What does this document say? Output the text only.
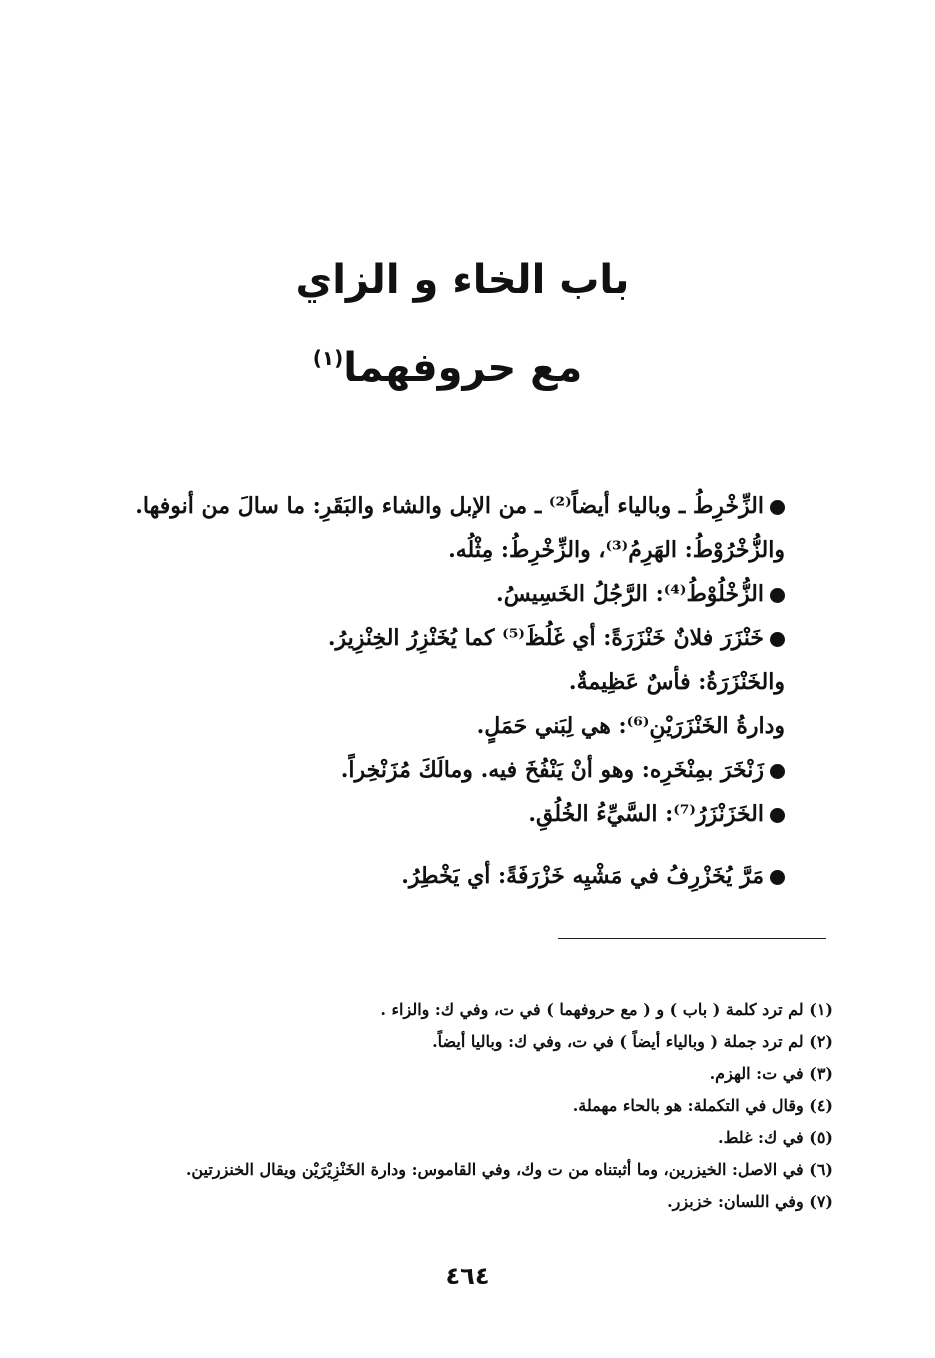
باب الخاء و الزاي
مع حروفهما$^{(١)}$

الزِّخْرِطُ ـ وبالياء أيضاً⁽²⁾ ـ من الإبل والشاء والبَقَرِ: ما سالَ من أنوفها.

والزُّخْرُوْطُ: الهَرِمُ⁽³⁾، والزِّخْرِطُ: مِثْلُه.

الزُّخْلُوْطُ⁽⁴⁾: الرَّجُلُ الخَسِيسُ.

خَنْزَرَ فلانٌ خَنْزَرَةً: أي غَلُظَ⁽⁵⁾ كما يُخَنْزِرُ الخِنْزِيرُ.

والخَنْزَرَةُ: فأسٌ عَظِيمةٌ.

ودارةُ الخَنْزَرَيْنِ⁽⁶⁾: هي لِبَني حَمَلٍ.

زَنْخَرَ بمِنْخَرِه: وهو أنْ يَنْفُخَ فيه. ومالَكَ مُزَنْخِراً.

الخَزَنْزَرُ⁽⁷⁾: السَّيِّءُ الخُلُقِ.

مَرَّ يُخَزْرِفُ في مَشْيِه خَزْرَفَةً: أي يَخْطِرُ.

(١) لم ترد كلمة ( باب ) و ( مع حروفهما ) في ت، وفي ك: والزاء .

(٢) لم ترد جملة ( وبالياء أيضاً ) في ت، وفي ك: وباليا أيضاً.

(٣) في ت: الهزم.

(٤) وقال في التكملة: هو بالحاء مهملة.

(٥) في ك: غلط.

(٦) في الاصل: الخيزرين، وما أثبتناه من ت وك، وفي القاموس: ودارة الخَنْزِيْرَيْن ويقال الخنزرتين.

(٧) وفي اللسان: خزبزر.

٤٦٤
